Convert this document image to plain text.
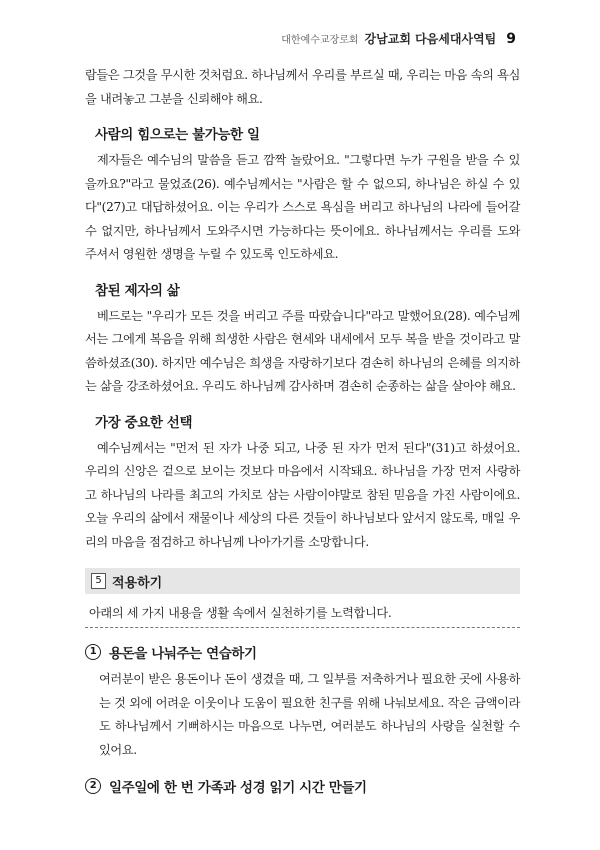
대한예수교장로회 강남교회 다음세대사역팀 9

람들은 그것을 무시한 것처럼요. 하나님께서 우리를 부르실 때, 우리는 마음 속의 욕심을 내려놓고 그분을 신뢰해야 해요.

사람의 힘으로는 불가능한 일

제자들은 예수님의 말씀을 듣고 깜짝 놀랐어요. "그렇다면 누가 구원을 받을 수 있을까요?"라고 물었죠(26). 예수님께서는 "사람은 할 수 없으되, 하나님은 하실 수 있다"(27)고 대답하셨어요. 이는 우리가 스스로 욕심을 버리고 하나님의 나라에 들어갈 수 없지만, 하나님께서 도와주시면 가능하다는 뜻이에요. 하나님께서는 우리를 도와주셔서 영원한 생명을 누릴 수 있도록 인도하세요.

참된 제자의 삶

베드로는 "우리가 모든 것을 버리고 주를 따랐습니다"라고 말했어요(28). 예수님께서는 그에게 복음을 위해 희생한 사람은 현세와 내세에서 모두 복을 받을 것이라고 말씀하셨죠(30). 하지만 예수님은 희생을 자랑하기보다 겸손히 하나님의 은혜를 의지하는 삶을 강조하셨어요. 우리도 하나님께 감사하며 겸손히 순종하는 삶을 살아야 해요.

가장 중요한 선택

예수님께서는 "먼저 된 자가 나중 되고, 나중 된 자가 먼저 된다"(31)고 하셨어요. 우리의 신앙은 겉으로 보이는 것보다 마음에서 시작돼요. 하나님을 가장 먼저 사랑하고 하나님의 나라를 최고의 가치로 삼는 사람이야말로 참된 믿음을 가진 사람이에요. 오늘 우리의 삶에서 재물이나 세상의 다른 것들이 하나님보다 앞서지 않도록, 매일 우리의 마음을 점검하고 하나님께 나아가기를 소망합니다.

5 적용하기
아래의 세 가지 내용을 생활 속에서 실천하기를 노력합니다.
1 용돈을 나눠주는 연습하기

여러분이 받은 용돈이나 돈이 생겼을 때, 그 일부를 저축하거나 필요한 곳에 사용하는 것 외에 어려운 이웃이나 도움이 필요한 친구를 위해 나눠보세요. 작은 금액이라도 하나님께서 기뻐하시는 마음으로 나누면, 여러분도 하나님의 사랑을 실천할 수 있어요.

2 일주일에 한 번 가족과 성경 읽기 시간 만들기
